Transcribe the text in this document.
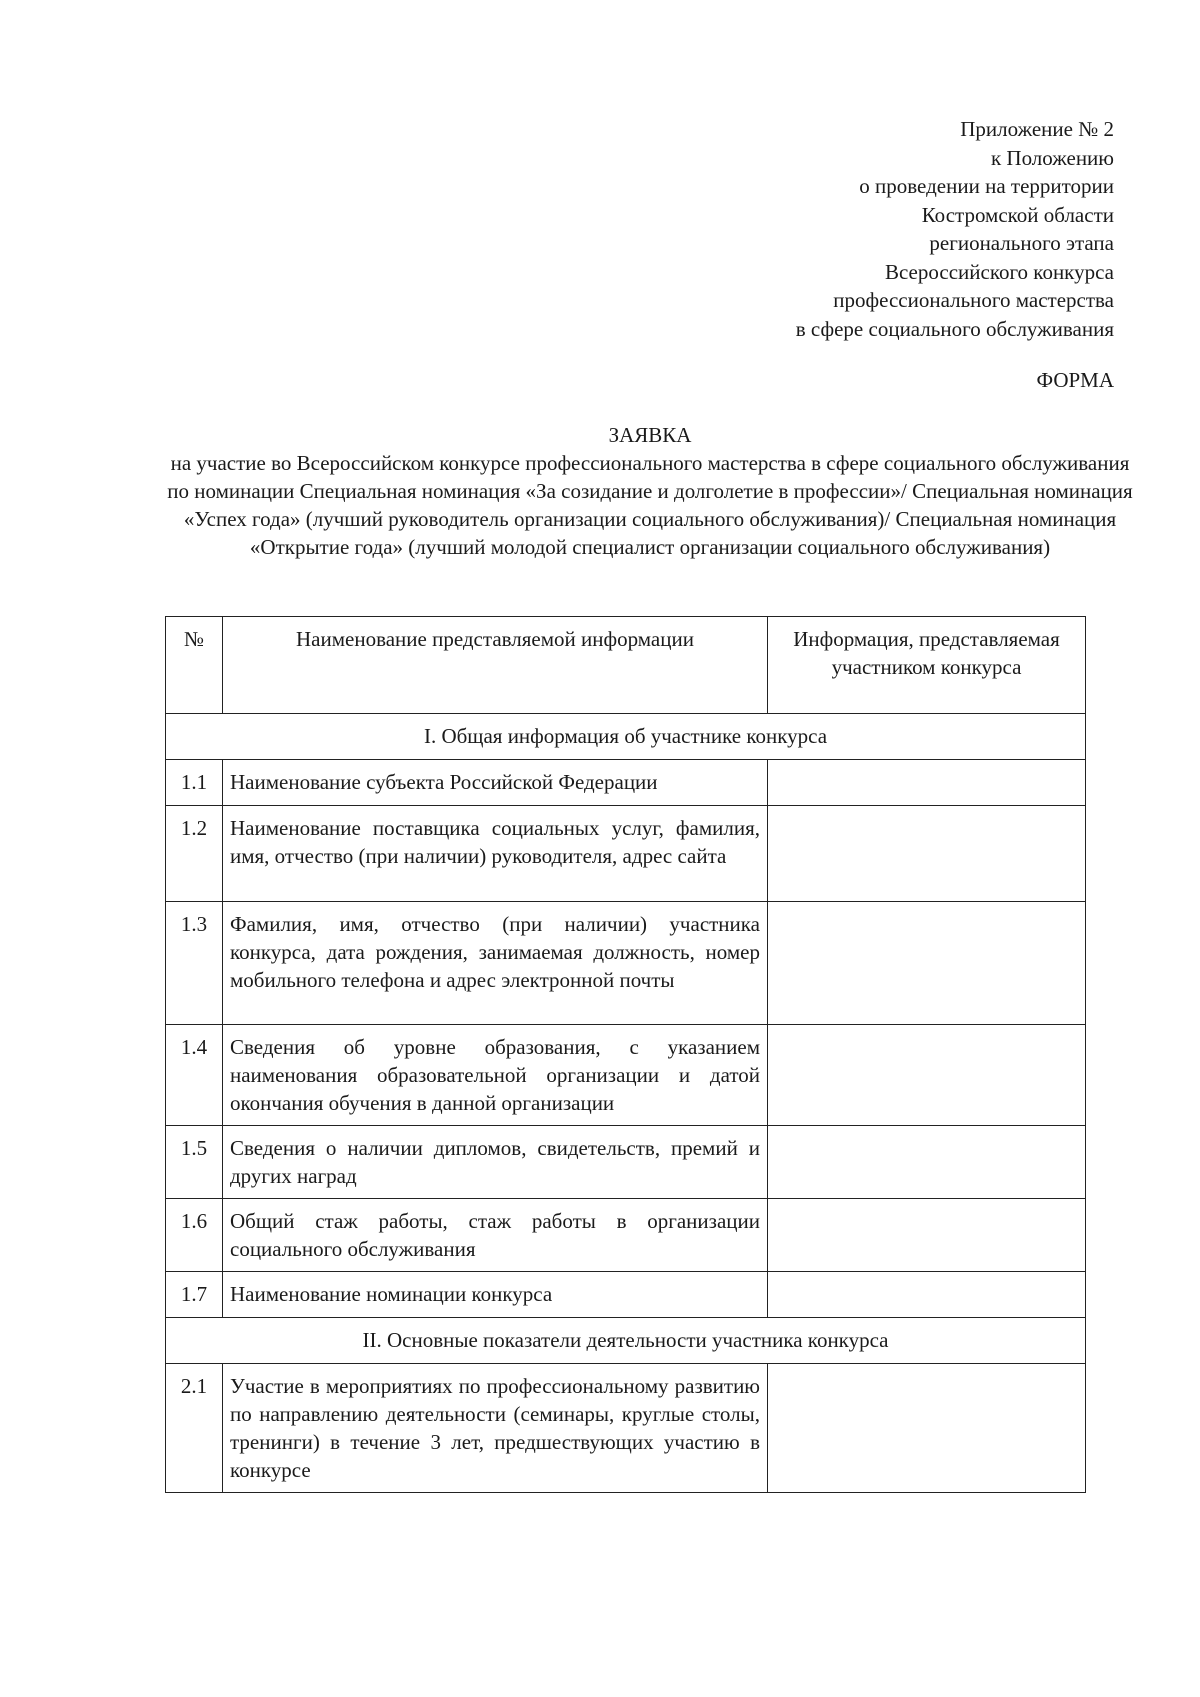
Приложение № 2
к Положению
о проведении на территории
Костромской области
регионального этапа
Всероссийского конкурса
профессионального мастерства
в сфере социального обслуживания
ФОРМА
ЗАЯВКА
на участие во Всероссийском конкурсе профессионального мастерства в сфере социального обслуживания по номинации Специальная номинация «За созидание и долголетие в профессии»/ Специальная номинация «Успех года» (лучший руководитель организации социального обслуживания)/ Специальная номинация «Открытие года» (лучший молодой специалист организации социального обслуживания)
№	Наименование представляемой информации	Информация, представляемая участником конкурса
I. Общая информация об участнике конкурса		
1.1	Наименование субъекта Российской Федерации	
1.2	Наименование поставщика социальных услуг, фамилия, имя, отчество (при наличии) руководителя, адрес сайта	
1.3	Фамилия, имя, отчество (при наличии) участника конкурса, дата рождения, занимаемая должность, номер мобильного телефона и адрес электронной почты	
1.4	Сведения об уровне образования, с указанием наименования образовательной организации и датой окончания обучения в данной организации	
1.5	Сведения о наличии дипломов, свидетельств, премий и других наград	
1.6	Общий стаж работы, стаж работы в организации социального обслуживания	
1.7	Наименование номинации конкурса	
II. Основные показатели деятельности участника конкурса		
2.1	Участие в мероприятиях по профессиональному развитию по направлению деятельности (семинары, круглые столы, тренинги) в течение 3 лет, предшествующих участию в конкурсе	
